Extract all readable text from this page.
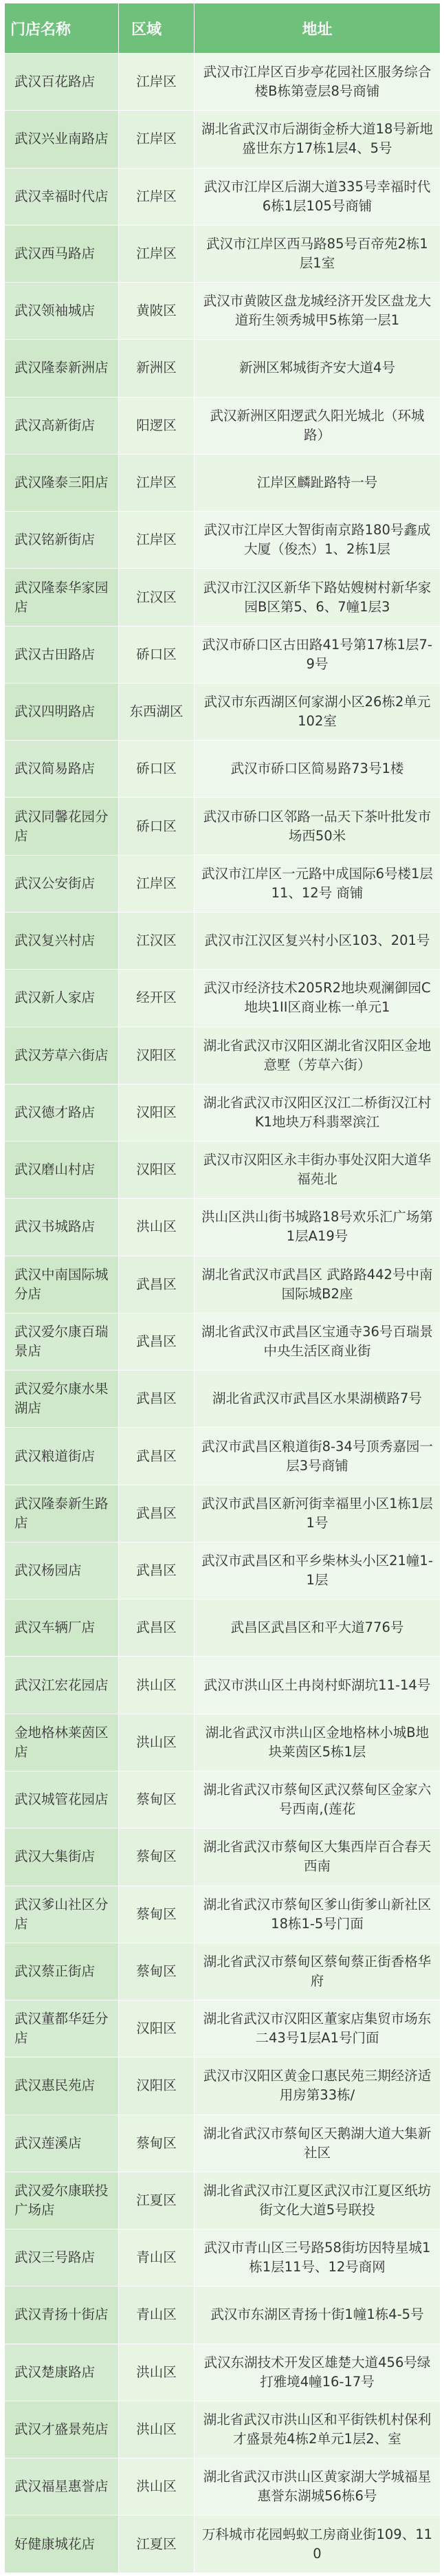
门店名称	区域	地址
武汉百花路店	江岸区	武汉市江岸区百步亭花园社区服务综合楼B栋第壹层8号商铺
武汉兴业南路店	江岸区	湖北省武汉市后湖街金桥大道18号新地盛世东方17栋1层4、5号
武汉幸福时代店	江岸区	武汉市江岸区后湖大道335号幸福时代6栋1层105号商铺
武汉西马路店	江岸区	武汉市江岸区西马路85号百帝苑2栋1层1室
武汉领袖城店	黄陂区	武汉市黄陂区盘龙城经济开发区盘龙大道珩生领秀城甲5栋第一层1
武汉隆泰新洲店	新洲区	新洲区邾城街齐安大道4号
武汉高新街店	阳逻区	武汉新洲区阳逻武久阳光城北（环城路）
武汉隆泰三阳店	江岸区	江岸区麟趾路特一号
武汉铭新街店	江岸区	武汉市江岸区大智街南京路180号鑫成大厦（俊杰）1、2栋1层
武汉隆泰华家园店	江汉区	武汉市江汉区新华下路姑嫂树村新华家园B区第5、6、7幢1层3
武汉古田路店	硚口区	武汉市硚口区古田路41号第17栋1层7-9号
武汉四明路店	东西湖区	武汉市东西湖区何家湖小区26栋2单元102室
武汉简易路店	硚口区	武汉市硚口区简易路73号1楼
武汉同馨花园分店	硚口区	武汉市硚口区邻路一品天下茶叶批发市场西50米
武汉公安街店	江岸区	武汉市江岸区一元路中成国际6号楼1层11、12号 商铺
武汉复兴村店	江汉区	武汉市江汉区复兴村小区103、201号
武汉新人家店	经开区	武汉市经济技术205R2地块观澜御园C地块1II区商业栋一单元1
武汉芳草六街店	汉阳区	湖北省武汉市汉阳区湖北省汉阳区金地意墅（芳草六街）
武汉德才路店	汉阳区	湖北省武汉市汉阳区汉江二桥街汉江村K1地块万科翡翠滨江
武汉磨山村店	汉阳区	武汉市汉阳区永丰街办事处汉阳大道华福苑北
武汉书城路店	洪山区	洪山区洪山街书城路18号欢乐汇广场第1层A19号
武汉中南国际城分店	武昌区	湖北省武汉市武昌区 武路路442号中南国际城B2座
武汉爱尔康百瑞景店	武昌区	湖北省武汉市武昌区宝通寺36号百瑞景中央生活区商业街
武汉爱尔康水果湖店	武昌区	湖北省武汉市武昌区水果湖横路7号
武汉粮道街店	武昌区	武汉市武昌区粮道街8-34号顶秀嘉园一层3号商铺
武汉隆泰新生路店	武昌区	武汉市武昌区新河街幸福里小区1栋1层1号
武汉杨园店	武昌区	武汉市武昌区和平乡柴林头小区21幢1-1层
武汉车辆厂店	武昌区	武昌区武昌区和平大道776号
武汉江宏花园店	洪山区	武汉市洪山区土冉岗村虾湖坑11-14号
金地格林莱茵区店	洪山区	湖北省武汉市洪山区金地格林小城B地块莱茵区5栋1层
武汉城管花园店	蔡甸区	湖北省武汉市蔡甸区武汉蔡甸区金家六号西南,(莲花
武汉大集街店	蔡甸区	湖北省武汉市蔡甸区大集西岸百合春天西南
武汉爹山社区分店	蔡甸区	湖北省武汉市蔡甸区爹山街爹山新社区18栋1-5号门面
武汉蔡正街店	蔡甸区	湖北省武汉市蔡甸区蔡甸蔡正街香格华府
武汉董都华廷分店	汉阳区	湖北省武汉市汉阳区董家店集贸市场东二43号1层A1号门面
武汉惠民苑店	汉阳区	武汉市汉阳区黄金口惠民苑三期经济适用房第33栋/
武汉莲溪店	蔡甸区	湖北省武汉市蔡甸区天鹅湖大道大集新社区
武汉爱尔康联投广场店	江夏区	湖北省武汉市江夏区武汉市江夏区纸坊街文化大道5号联投
武汉三号路店	青山区	武汉市青山区三号路58街坊因特星城1栋1层11号、12号商网
武汉青扬十街店	青山区	武汉市东湖区青扬十街1幢1栋4-5号
武汉楚康路店	洪山区	武汉东湖技术开发区雄楚大道456号绿打雅境4幢16-17号
武汉才盛景苑店	洪山区	湖北省武汉市洪山区和平街铁机村保利才盛景苑4栋2单元1层2、室
武汉福星惠誉店	洪山区	湖北省武汉市洪山区黄家湖大学城福星惠誉东湖城56栋6号
好健康城花店	江夏区	万科城市花园蚂蚁工房商业街109、110
